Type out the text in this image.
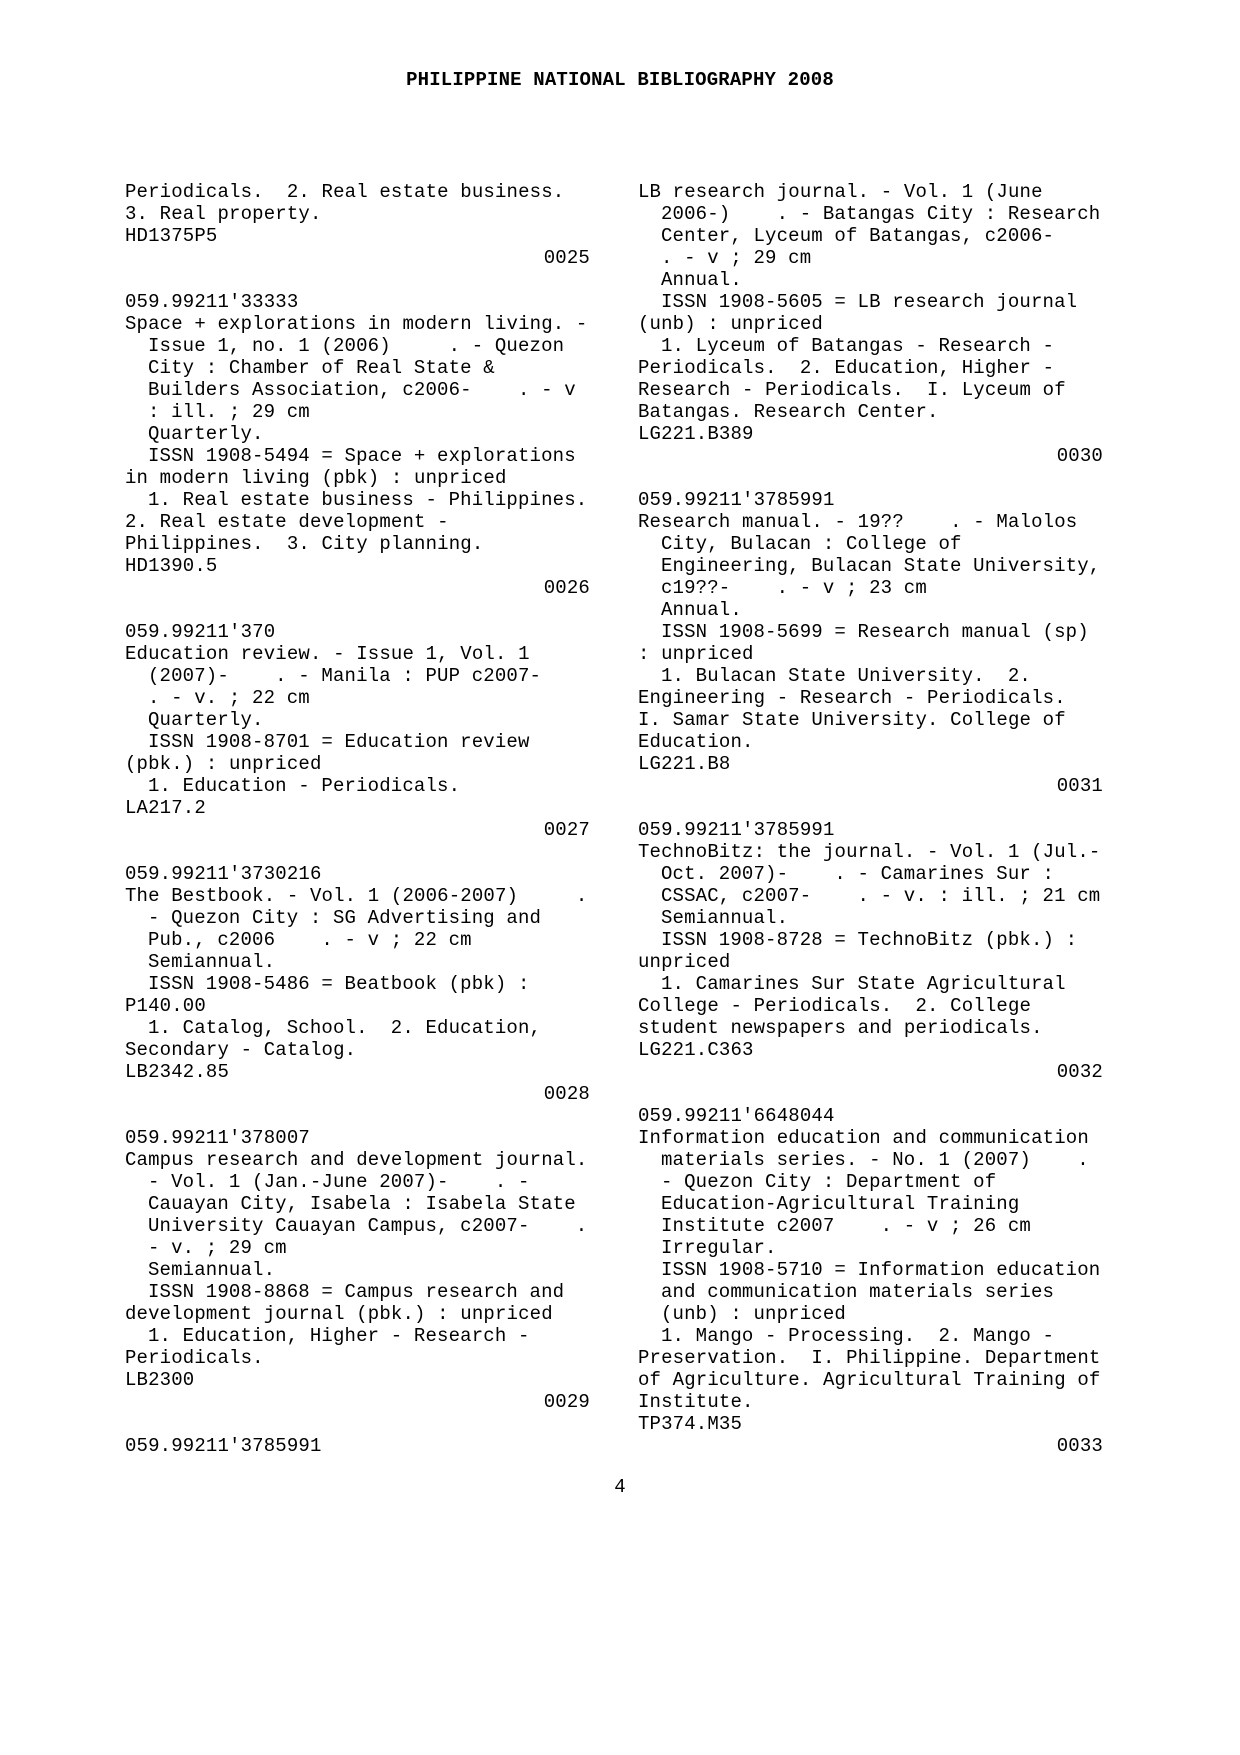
PHILIPPINE NATIONAL BIBLIOGRAPHY 2008
Periodicals.  2. Real estate business.
3. Real property.
HD1375P5
0025
059.99211'33333
Space + explorations in modern living. -
Issue 1, no. 1 (2006)     . - Quezon
City : Chamber of Real State &
Builders Association, c2006-    . - v
: ill. ; 29 cm
Quarterly.
ISSN 1908-5494 = Space + explorations
in modern living (pbk) : unpriced
1. Real estate business - Philippines.
2. Real estate development -
Philippines.  3. City planning.
HD1390.5
0026
059.99211'370
Education review. - Issue 1, Vol. 1
(2007)-    . - Manila : PUP c2007-
. - v. ; 22 cm
Quarterly.
ISSN 1908-8701 = Education review
(pbk.) : unpriced
1. Education - Periodicals.
LA217.2
0027
059.99211'3730216
The Bestbook. - Vol. 1 (2006-2007)     .
- Quezon City : SG Advertising and
Pub., c2006    . - v ; 22 cm
Semiannual.
ISSN 1908-5486 = Beatbook (pbk) :
P140.00
1. Catalog, School.  2. Education,
Secondary - Catalog.
LB2342.85
0028
059.99211'378007
Campus research and development journal.
- Vol. 1 (Jan.-June 2007)-    . -
Cauayan City, Isabela : Isabela State
University Cauayan Campus, c2007-    .
- v. ; 29 cm
Semiannual.
ISSN 1908-8868 = Campus research and
development journal (pbk.) : unpriced
1. Education, Higher - Research -
Periodicals.
LB2300
0029
059.99211'3785991
LB research journal. - Vol. 1 (June
2006-)    . - Batangas City : Research
Center, Lyceum of Batangas, c2006-
. - v ; 29 cm
Annual.
ISSN 1908-5605 = LB research journal
(unb) : unpriced
1. Lyceum of Batangas - Research -
Periodicals.  2. Education, Higher -
Research - Periodicals.  I. Lyceum of
Batangas. Research Center.
LG221.B389
0030
059.99211'3785991
Research manual. - 19??    . - Malolos
City, Bulacan : College of
Engineering, Bulacan State University,
c19??-    . - v ; 23 cm
Annual.
ISSN 1908-5699 = Research manual (sp)
: unpriced
1. Bulacan State University.  2.
Engineering - Research - Periodicals.
I. Samar State University. College of
Education.
LG221.B8
0031
059.99211'3785991
TechnoBitz: the journal. - Vol. 1 (Jul.-
Oct. 2007)-    . - Camarines Sur :
CSSAC, c2007-    . - v. : ill. ; 21 cm
Semiannual.
ISSN 1908-8728 = TechnoBitz (pbk.) :
unpriced
1. Camarines Sur State Agricultural
College - Periodicals.  2. College
student newspapers and periodicals.
LG221.C363
0032
059.99211'6648044
Information education and communication
materials series. - No. 1 (2007)    .
- Quezon City : Department of
Education-Agricultural Training
Institute c2007    . - v ; 26 cm
Irregular.
ISSN 1908-5710 = Information education
and communication materials series
(unb) : unpriced
1. Mango - Processing.  2. Mango -
Preservation.  I. Philippine. Department
of Agriculture. Agricultural Training of
Institute.
TP374.M35
0033
4
